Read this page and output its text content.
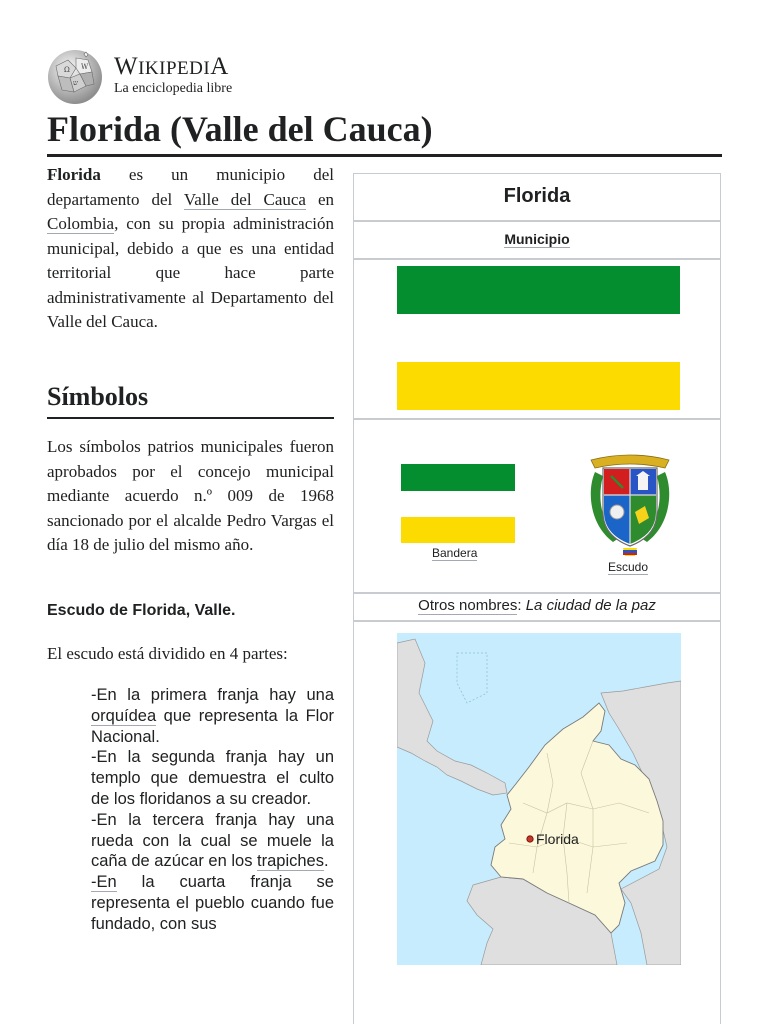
Ω W
ש
WIKIPEDIA
La enciclopedia libre
Florida (Valle del Cauca)

Florida es un municipio del departamento del Valle del Cauca en Colombia, con su propia administración municipal, debido a que es una entidad territorial que hace parte administrativamente al Departamento del Valle del Cauca.

Símbolos

Los símbolos patrios municipales fueron aprobados por el concejo municipal mediante acuerdo n.º 009 de 1968 sancionado por el alcalde Pedro Vargas el día 18 de julio del mismo año.

Escudo de Florida, Valle.

El escudo está dividido en 4 partes:

-En la primera franja hay una orquídea que representa la Flor Nacional.
-En la segunda franja hay un templo que demuestra el culto de los floridanos a su creador.
-En la tercera franja hay una rueda con la cual se muele la caña de azúcar en los trapiches.
-En la cuarta franja se representa el pueblo cuando fue fundado, con sus
Florida
Municipio
Bandera
Escudo
Otros nombres: La ciudad de la paz
Florida
